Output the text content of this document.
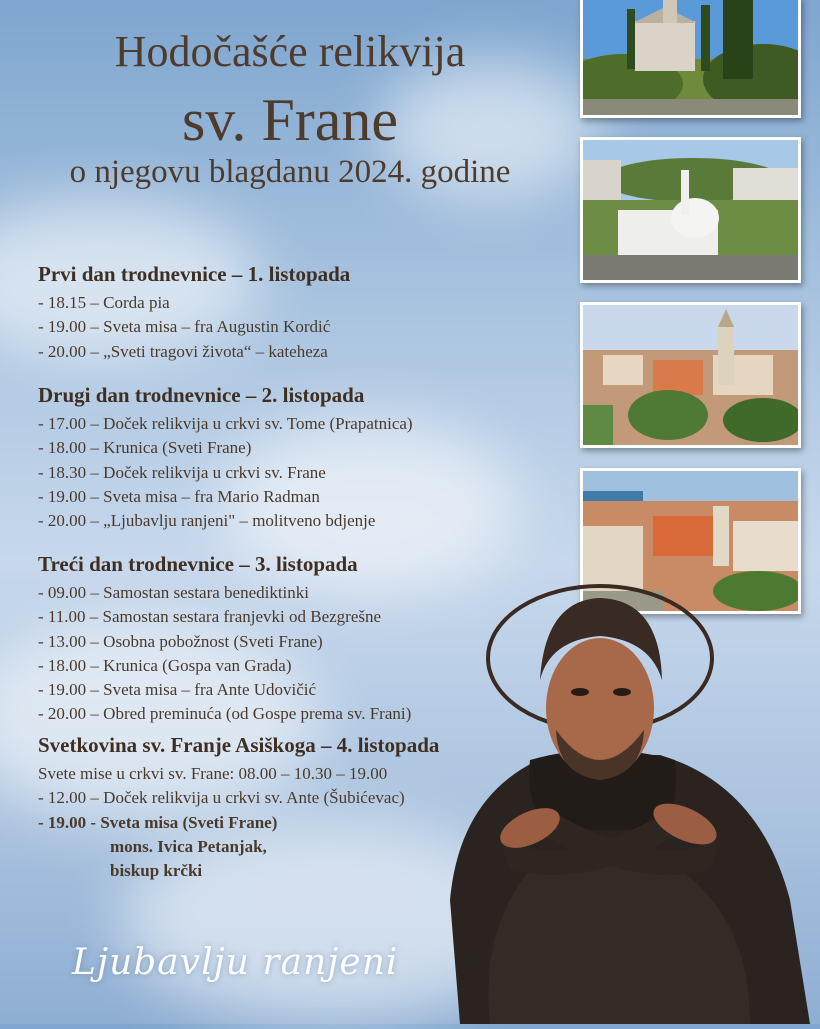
Hodočašće relikvija
sv. Frane
o njegovu blagdanu 2024. godine
Prvi dan trodnevnice – 1. listopada
- 18.15 – Corda pia
- 19.00 – Sveta misa – fra Augustin Kordić
- 20.00 – „Sveti tragovi života“ – kateheza
Drugi dan trodnevnice – 2. listopada
- 17.00 – Doček relikvija u crkvi sv. Tome (Prapatnica)
- 18.00 – Krunica (Sveti Frane)
- 18.30 – Doček relikvija u crkvi sv. Frane
- 19.00 – Sveta misa – fra Mario Radman
- 20.00 – „Ljubavlju ranjeni" – molitveno bdjenje
Treći dan trodnevnice – 3. listopada
- 09.00 – Samostan sestara benediktinki
- 11.00 – Samostan sestara franjevki od Bezgrešne
- 13.00 – Osobna pobožnost (Sveti Frane)
- 18.00 – Krunica (Gospa van Grada)
- 19.00 – Sveta misa – fra Ante Udovičić
- 20.00 – Obred preminuća (od Gospe prema sv. Frani)
Svetkovina sv. Franje Asiškoga – 4. listopada
Svete mise u crkvi sv. Frane: 08.00 – 10.30 – 19.00
- 12.00 – Doček relikvija u crkvi sv. Ante (Šubićevac)
- 19.00 - Sveta misa (Sveti Frane)
mons. Ivica Petanjak,
biskup krčki
Ljubavlju ranjeni
